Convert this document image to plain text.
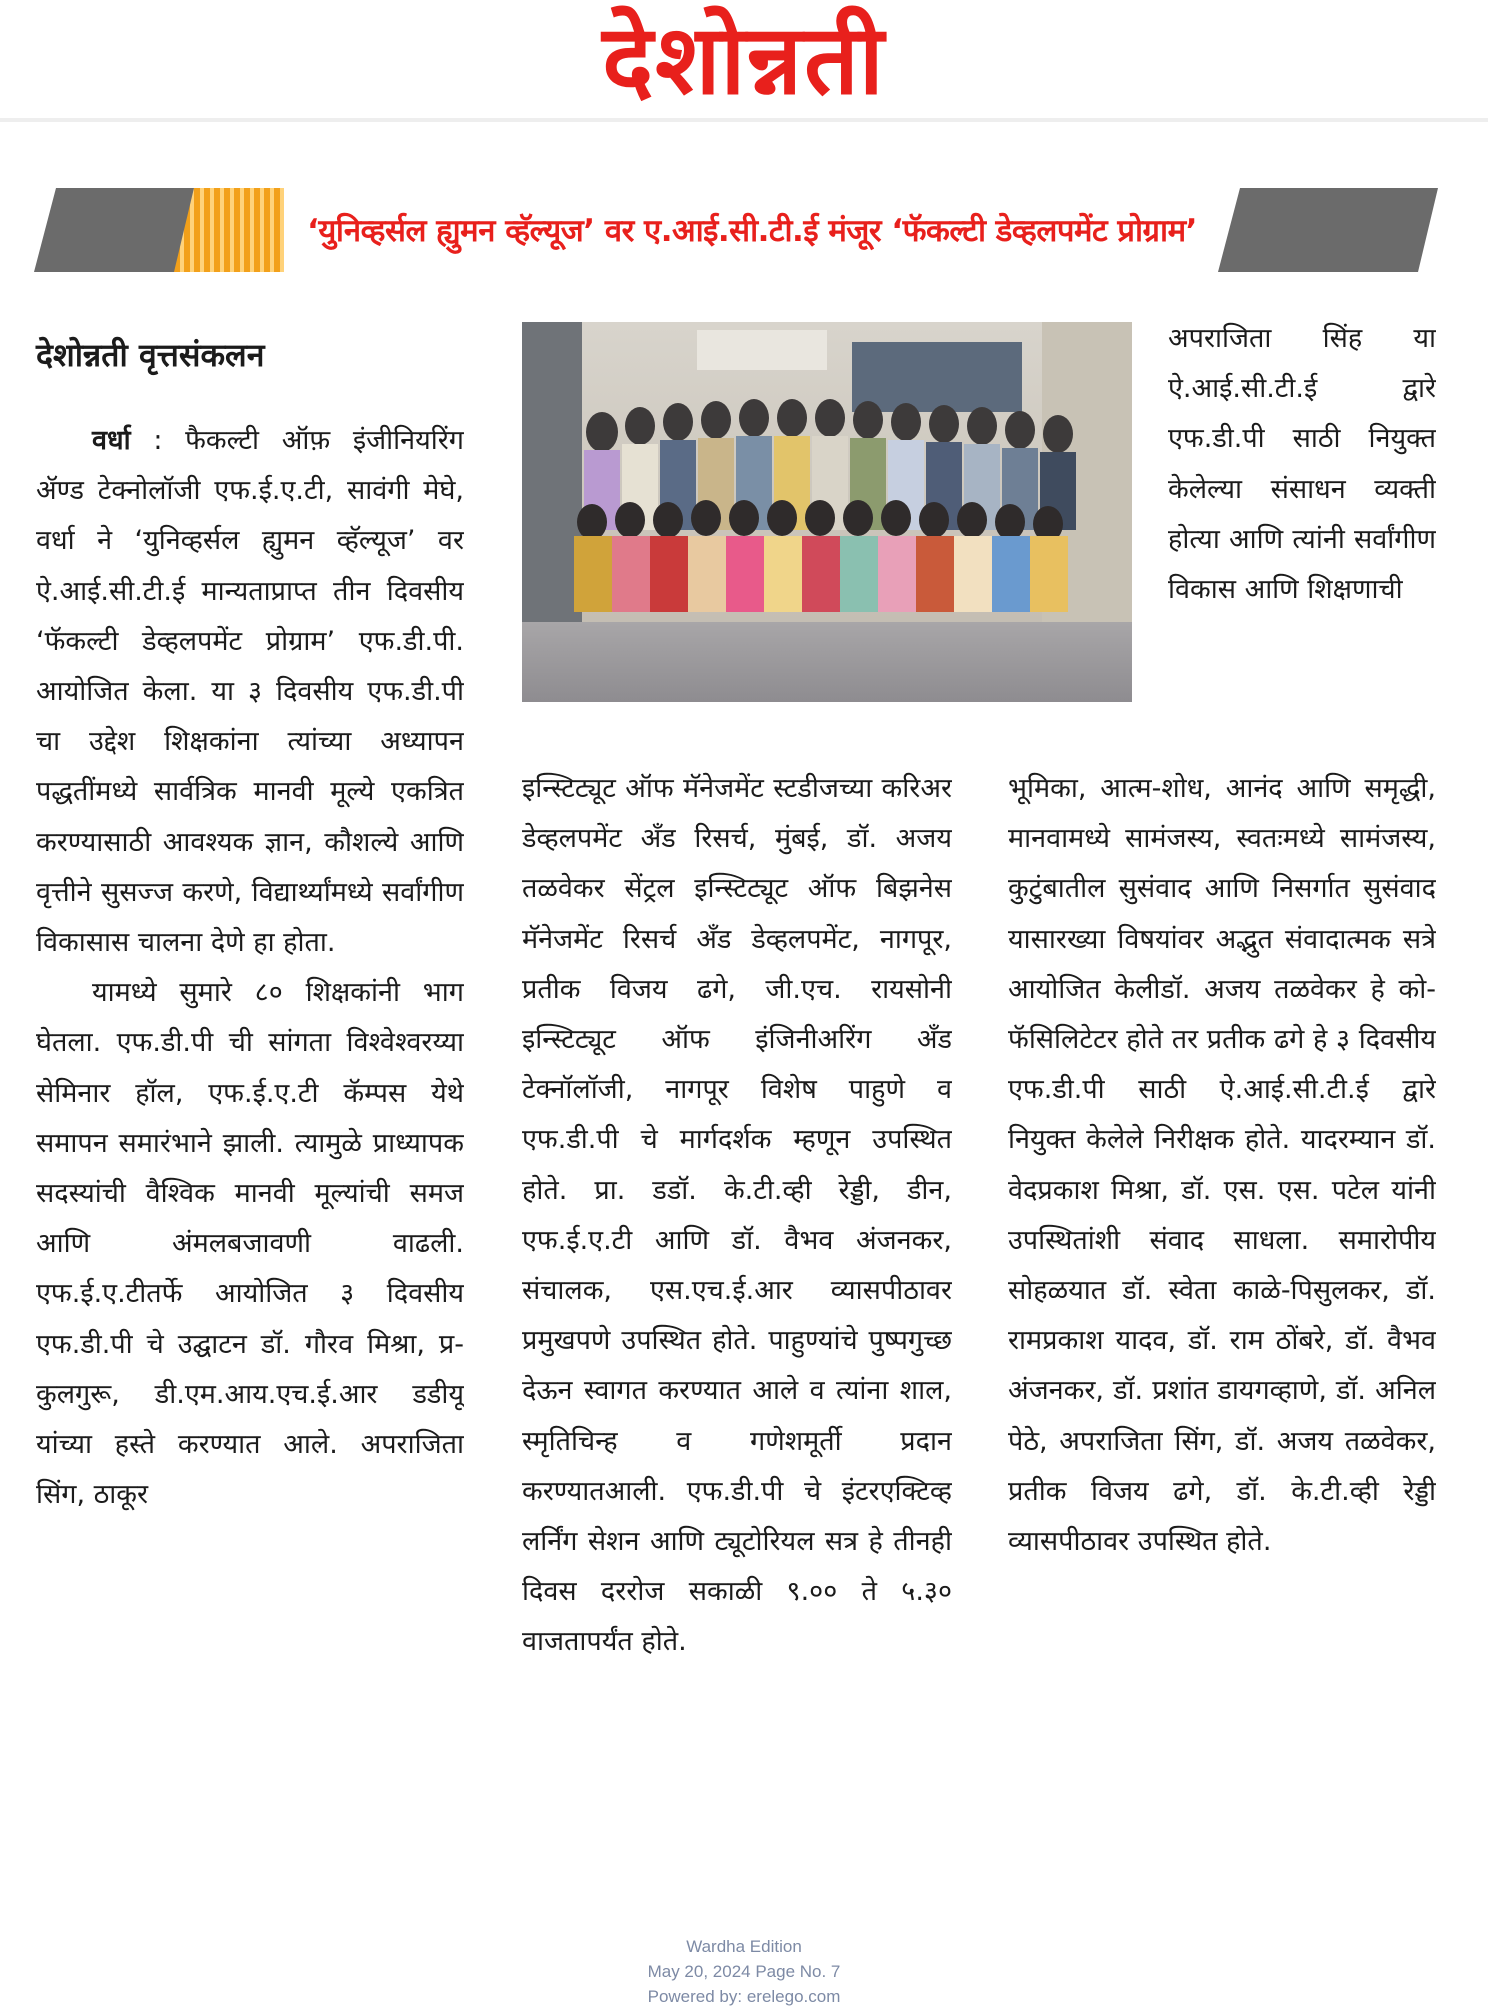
देशोन्नती
‘युनिव्हर्सल ह्युमन व्हॅल्यूज’ वर ए.आई.सी.टी.ई मंजूर ‘फॅकल्टी डेव्हलपमेंट प्रोग्राम’
देशोन्नती वृत्तसंकलन

वर्धा : फैकल्टी ऑफ़ इंजीनियरिंग ॲण्ड टेक्नोलॉजी एफ.ई.ए.टी, सावंगी मेघे, वर्धा ने ‘युनिव्हर्सल ह्युमन व्हॅल्यूज’ वर ऐ.आई.सी.टी.ई मान्यताप्राप्त तीन दिवसीय ‘फॅकल्टी डेव्हलपमेंट प्रोग्राम’ एफ.डी.पी. आयोजित केला. या ३ दिवसीय एफ.डी.पी चा उद्देश शिक्षकांना त्यांच्या अध्यापन पद्धतींमध्ये सार्वत्रिक मानवी मूल्ये एकत्रित करण्यासाठी आवश्यक ज्ञान, कौशल्ये आणि वृत्तीने सुसज्ज करणे, विद्यार्थ्यांमध्ये सर्वांगीण विकासास चालना देणे हा होता.

यामध्ये सुमारे ८० शिक्षकांनी भाग घेतला. एफ.डी.पी ची सांगता विश्वेश्वरय्या सेमिनार हॉल, एफ.ई.ए.टी कॅम्पस येथे समापन समारंभाने झाली. त्यामुळे प्राध्यापक सदस्यांची वैश्विक मानवी मूल्यांची समज आणि अंमलबजावणी वाढली. एफ.ई.ए.टीतर्फे आयोजित ३ दिवसीय एफ.डी.पी चे उद्घाटन डॉ. गौरव मिश्रा, प्र-कुलगुरू, डी.एम.आय.एच.ई.आर डडीयू यांच्या हस्ते करण्यात आले. अपराजिता सिंग, ठाकूर

इन्स्टिट्यूट ऑफ मॅनेजमेंट स्टडीजच्या करिअर डेव्हलपमेंट ॲंड रिसर्च, मुंबई, डॉ. अजय तळवेकर सेंट्रल इन्स्टिट्यूट ऑफ बिझनेस मॅनेजमेंट रिसर्च ॲंड डेव्हलपमेंट, नागपूर, प्रतीक विजय ढगे, जी.एच. रायसोनी इन्स्टिट्यूट ऑफ इंजिनीअरिंग ॲंड टेक्नॉलॉजी, नागपूर विशेष पाहुणे व एफ.डी.पी चे मार्गदर्शक म्हणून उपस्थित होते. प्रा. डडॉ. के.टी.व्ही रेड्डी, डीन, एफ.ई.ए.टी आणि डॉ. वैभव अंजनकर, संचालक, एस.एच.ई.आर व्यासपीठावर प्रमुखपणे उपस्थित होते. पाहुण्यांचे पुष्पगुच्छ देऊन स्वागत करण्यात आले व त्यांना शाल, स्मृतिचिन्ह व गणेशमूर्ती प्रदान करण्यातआली. एफ.डी.पी चे इंटरएक्टिव्ह लर्निंग सेशन आणि ट्यूटोरियल सत्र हे तीनही दिवस दररोज सकाळी ९.०० ते ५.३० वाजतापर्यंत होते.

अपराजिता सिंह या ऐ.आई.सी.टी.ई द्वारे एफ.डी.पी साठी नियुक्त केलेल्या संसाधन व्यक्ती होत्या आणि त्यांनी सर्वांगीण विकास आणि शिक्षणाची

भूमिका, आत्म-शोध, आनंद आणि समृद्धी, मानवामध्ये सामंजस्य, स्वतःमध्ये सामंजस्य, कुटुंबातील सुसंवाद आणि निसर्गात सुसंवाद यासारख्या विषयांवर अद्भुत संवादात्मक सत्रे आयोजित केलीडॉ. अजय तळवेकर हे को-फॅसिलिटेटर होते तर प्रतीक ढगे हे ३ दिवसीय एफ.डी.पी साठी ऐ.आई.सी.टी.ई द्वारे नियुक्त केलेले निरीक्षक होते. यादरम्यान डॉ. वेदप्रकाश मिश्रा, डॉ. एस. एस. पटेल यांनी उपस्थितांशी संवाद साधला. समारोपीय सोहळयात डॉ. स्वेता काळे-पिसुलकर, डॉ. रामप्रकाश यादव, डॉ. राम ठोंबरे, डॉ. वैभव अंजनकर, डॉ. प्रशांत डायगव्हाणे, डॉ. अनिल पेठे, अपराजिता सिंग, डॉ. अजय तळवेकर, प्रतीक विजय ढगे, डॉ. के.टी.व्ही रेड्डी व्यासपीठावर उपस्थित होते.

Wardha Edition
May 20, 2024 Page No. 7
Powered by: erelego.com
